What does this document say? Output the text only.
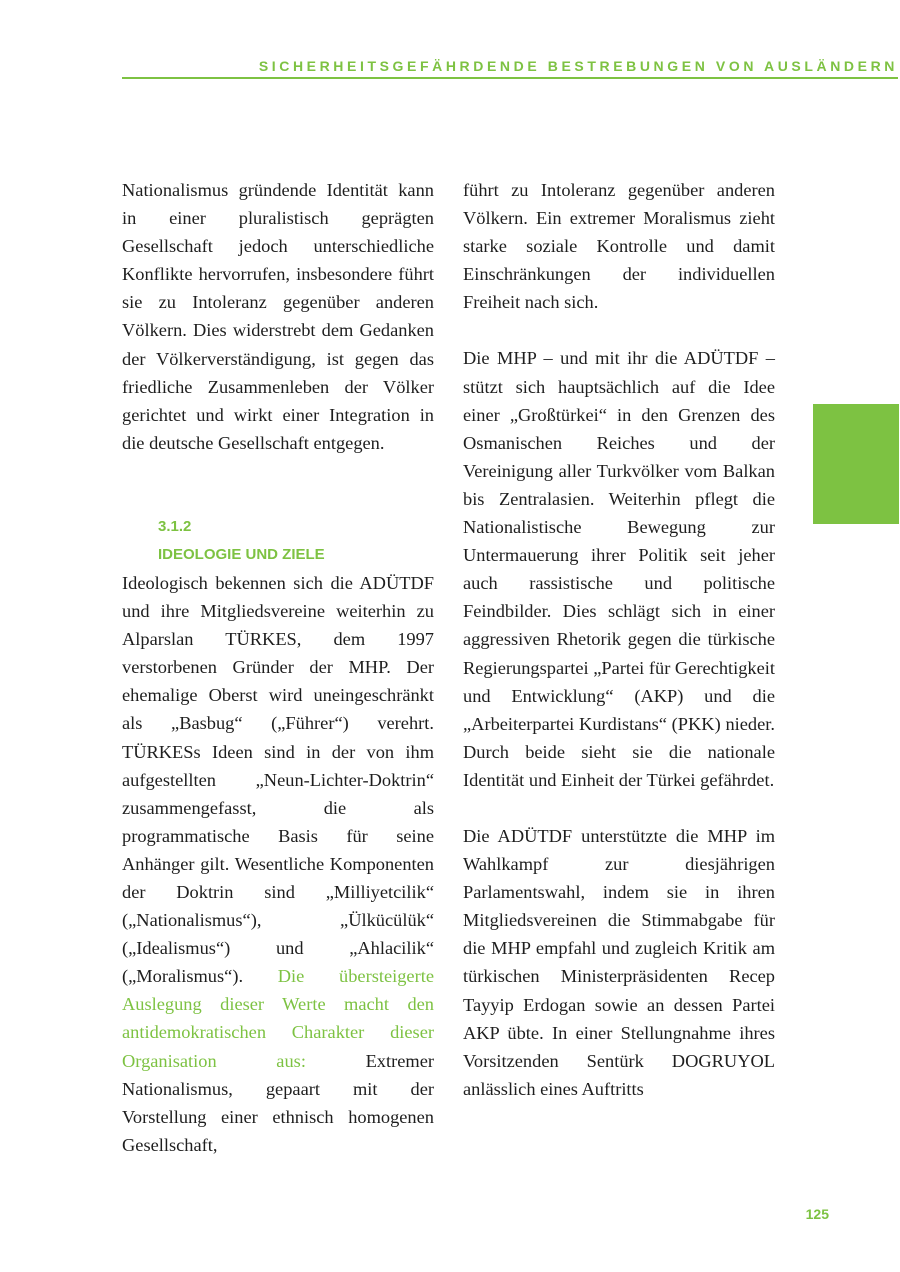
SICHERHEITSGEFÄHRDENDE BESTREBUNGEN VON AUSLÄNDERN

Nationalismus gründende Identität kann in einer pluralistisch geprägten Gesellschaft jedoch unterschiedliche Konflikte hervorrufen, insbesondere führt sie zu Intoleranz gegenüber anderen Völkern. Dies widerstrebt dem Gedanken der Völkerverständigung, ist gegen das friedliche Zusammenleben der Völker gerichtet und wirkt einer Integration in die deutsche Gesellschaft entgegen.

3.1.2
IDEOLOGIE UND ZIELE

Ideologisch bekennen sich die ADÜTDF und ihre Mitgliedsvereine weiterhin zu Alparslan TÜRKES, dem 1997 verstorbenen Gründer der MHP. Der ehemalige Oberst wird uneingeschränkt als „Basbug“ („Führer“) verehrt. TÜRKESs Ideen sind in der von ihm aufgestellten „Neun-Lichter-Doktrin“ zusammengefasst, die als programmatische Basis für seine Anhänger gilt. Wesentliche Komponenten der Doktrin sind „Milliyetcilik“ („Nationalismus“), „Ülkücülük“ („Idealismus“) und „Ahlacilik“ („Moralismus“). Die übersteigerte Auslegung dieser Werte macht den antidemokratischen Charakter dieser Organisation aus:	Extremer Nationalismus, gepaart mit der Vorstellung einer ethnisch homogenen Gesellschaft,

führt zu Intoleranz gegenüber anderen Völkern. Ein extremer Moralismus zieht starke soziale Kontrolle und damit Einschränkungen der individuellen Freiheit nach sich.

Die MHP – und mit ihr die ADÜTDF – stützt sich hauptsächlich auf die Idee einer „Großtürkei“ in den Grenzen des Osmanischen Reiches und der Vereinigung aller Turkvölker vom Balkan bis Zentralasien. Weiterhin pflegt die Nationalistische Bewegung zur Untermauerung ihrer Politik seit jeher auch rassistische und politische Feindbilder. Dies schlägt sich in einer aggressiven Rhetorik gegen die türkische Regierungspartei „Partei für Gerechtigkeit und Entwicklung“ (AKP) und die „Arbeiterpartei Kurdistans“ (PKK) nieder. Durch beide sieht sie die nationale Identität und Einheit der Türkei gefährdet.

Die ADÜTDF unterstützte die MHP im Wahlkampf zur diesjährigen Parlamentswahl, indem sie in ihren Mitgliedsvereinen die Stimmabgabe für die MHP empfahl und zugleich Kritik am türkischen Ministerpräsidenten Recep Tayyip Erdogan sowie an dessen Partei AKP übte. In einer Stellungnahme ihres Vorsitzenden Sentürk DOGRUYOL anlässlich eines Auftritts

125
